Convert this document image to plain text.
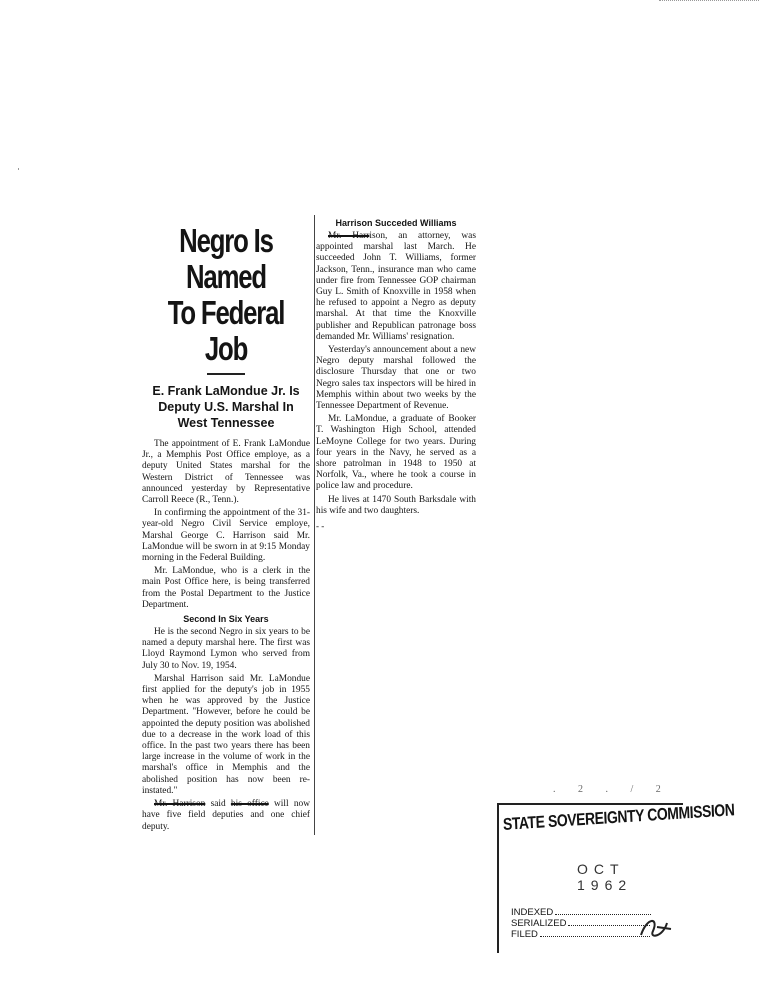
Negro Is Named
To Federal Job
E. Frank LaMondue Jr. Is Deputy U.S. Marshal In West Tennessee

The appointment of E. Frank LaMondue Jr., a Memphis Post Office employe, as a deputy United States marshal for the Western District of Tennessee was announced yesterday by Representative Carroll Reece (R., Tenn.).

In confirming the appointment of the 31-year-old Negro Civil Service employe, Marshal George C. Harrison said Mr. LaMondue will be sworn in at 9:15 Monday morning in the Federal Building.

Mr. LaMondue, who is a clerk in the main Post Office here, is being transferred from the Postal Department to the Justice Department.

Second In Six Years

He is the second Negro in six years to be named a deputy marshal here. The first was Lloyd Raymond Lymon who served from July 30 to Nov. 19, 1954.

Marshal Harrison said Mr. LaMondue first applied for the deputy's job in 1955 when he was approved by the Justice Department. "However, before he could be appointed the deputy position was abolished due to a decrease in the work load of this office. In the past two years there has been large increase in the volume of work in the marshal's office in Memphis and the abolished position has now been re-instated."

Mr. Harrison said his office will now have five field deputies and one chief deputy.

Harrison Succeded Williams

Mr. Harrison, an attorney, was appointed marshal last March. He succeeded John T. Williams, former Jackson, Tenn., insurance man who came under fire from Tennessee GOP chairman Guy L. Smith of Knoxville in 1958 when he refused to appoint a Negro as deputy marshal. At that time the Knoxville publisher and Republican patronage boss demanded Mr. Williams' resignation.

Yesterday's announcement about a new Negro deputy marshal followed the disclosure Thursday that one or two Negro sales tax inspectors will be hired in Memphis within about two weeks by the Tennessee Department of Revenue.

Mr. LaMondue, a graduate of Booker T. Washington High School, attended LeMoyne College for two years. During four years in the Navy, he served as a shore patrolman in 1948 to 1950 at Norfolk, Va., where he took a course in police law and procedure.

He lives at 1470 South Barksdale with his wife and two daughters.

- -
. 2 . / 2
STATE SOVEREIGNTY COMMISSION
OCT 1962
INDEXED
SERIALIZED
FILED
